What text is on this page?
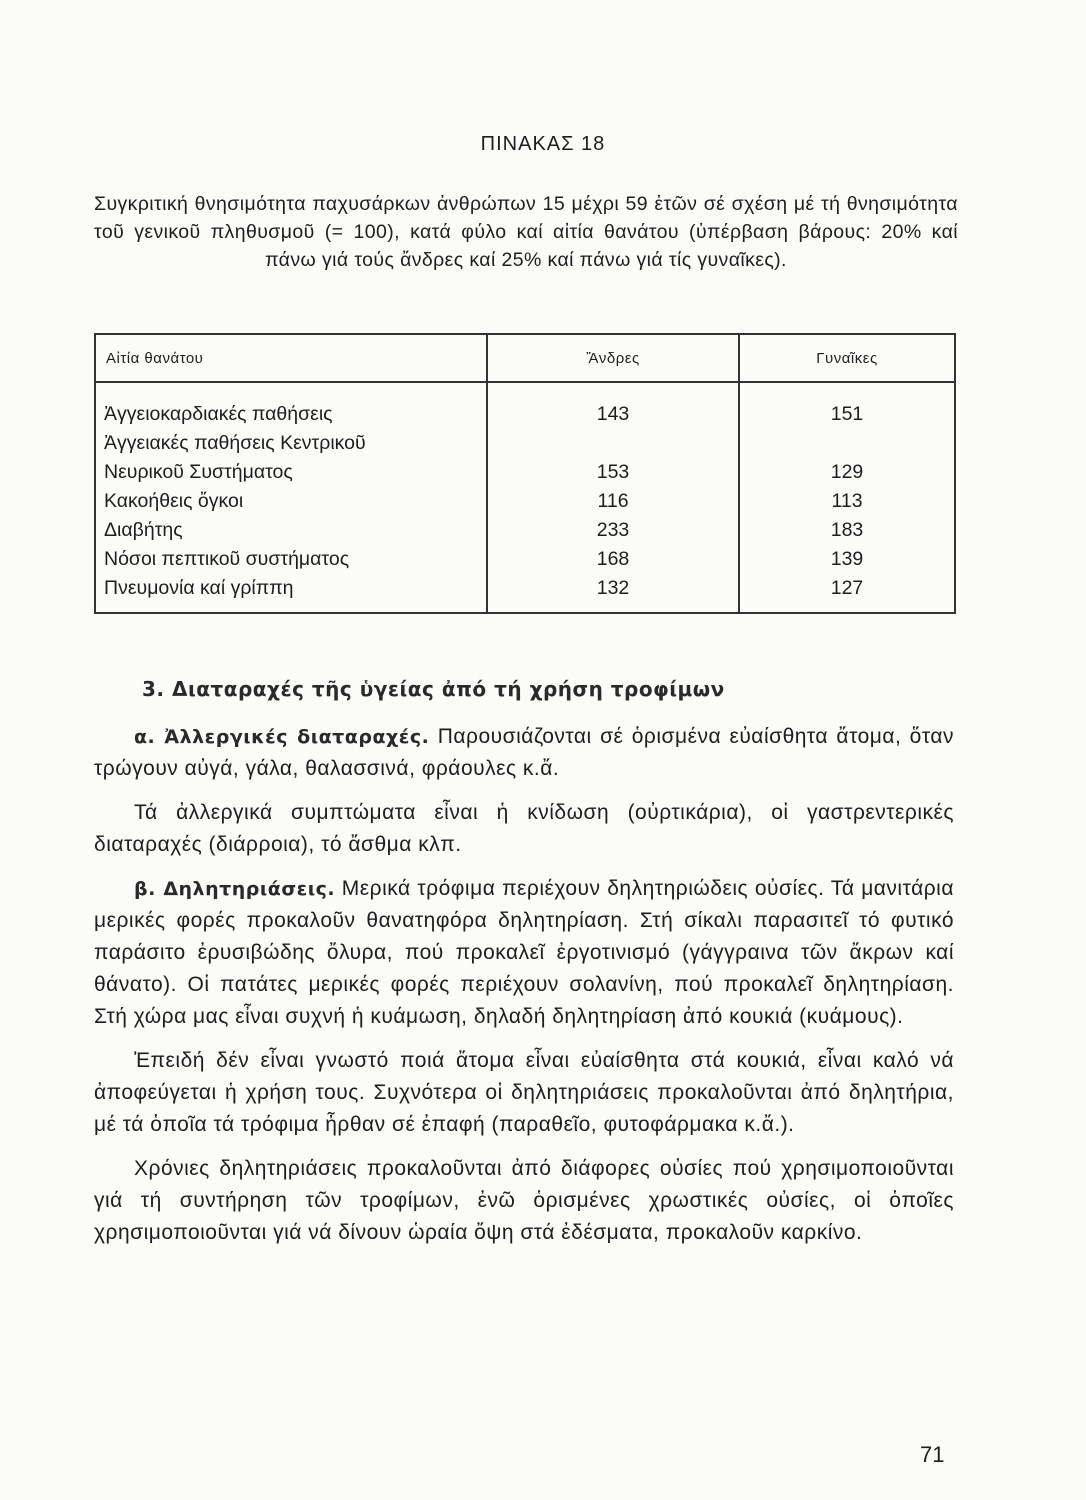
ΠΙΝΑΚΑΣ 18
Συγκριτική θνησιμότητα παχυσάρκων ἀνθρώπων 15 μέχρι 59 ἐτῶν σέ σχέση μέ τή θνησιμότητα τοῦ γενικοῦ πληθυσμοῦ (= 100), κατά φύλο καί αἰτία θανάτου (ὑπέρβαση βάρους: 20% καί πάνω γιά τούς ἄνδρες καί 25% καί πάνω γιά τίς γυναῖκες).
Αἰτία θανάτου	Ἄνδρες	Γυναῖκες
Ἀγγειοκαρδιακές παθήσεις	143	151
Ἀγγειακές παθήσεις Κεντρικοῦ		
Νευρικοῦ Συστήματος	153	129
Κακοήθεις ὄγκοι	116	113
Διαβήτης	233	183
Νόσοι πεπτικοῦ συστήματος	168	139
Πνευμονία καί γρίππη	132	127
3. Διαταραχές τῆς ὑγείας ἀπό τή χρήση τροφίμων

α. Ἀλλεργικές διαταραχές. Παρουσιάζονται σέ ὁρισμένα εὐαίσθητα ἄτομα, ὅταν τρώγουν αὐγά, γάλα, θαλασσινά, φράουλες κ.ἄ.

Τά ἀλλεργικά συμπτώματα εἶναι ἡ κνίδωση (οὐρτικάρια), οἱ γαστρεντερικές διαταραχές (διάρροια), τό ἄσθμα κλπ.

β. Δηλητηριάσεις. Μερικά τρόφιμα περιέχουν δηλητηριώδεις οὐσίες. Τά μανιτάρια μερικές φορές προκαλοῦν θανατηφόρα δηλητηρίαση. Στή σίκαλι παρασιτεῖ τό φυτικό παράσιτο ἐρυσιβώδης ὄλυρα, πού προκαλεῖ ἐργοτινισμό (γάγγραινα τῶν ἄκρων καί θάνατο). Οἱ πατάτες μερικές φορές περιέχουν σολανίνη, πού προκαλεῖ δηλητηρίαση. Στή χώρα μας εἶναι συχνή ἡ κυάμωση, δηλαδή δηλητηρίαση ἀπό κουκιά (κυάμους).

Ἐπειδή δέν εἶναι γνωστό ποιά ἄτομα εἶναι εὐαίσθητα στά κουκιά, εἶναι καλό νά ἀποφεύγεται ἡ χρήση τους. Συχνότερα οἱ δηλητηριάσεις προκαλοῦνται ἀπό δηλητήρια, μέ τά ὁποῖα τά τρόφιμα ἦρθαν σέ ἐπαφή (παραθεῖο, φυτοφάρμακα κ.ἄ.).

Χρόνιες δηλητηριάσεις προκαλοῦνται ἀπό διάφορες οὐσίες πού χρησιμοποιοῦνται γιά τή συντήρηση τῶν τροφίμων, ἐνῶ ὁρισμένες χρωστικές οὐσίες, οἱ ὁποῖες χρησιμοποιοῦνται γιά νά δίνουν ὡραία ὄψη στά ἐδέσματα, προκαλοῦν καρκίνο.

71
